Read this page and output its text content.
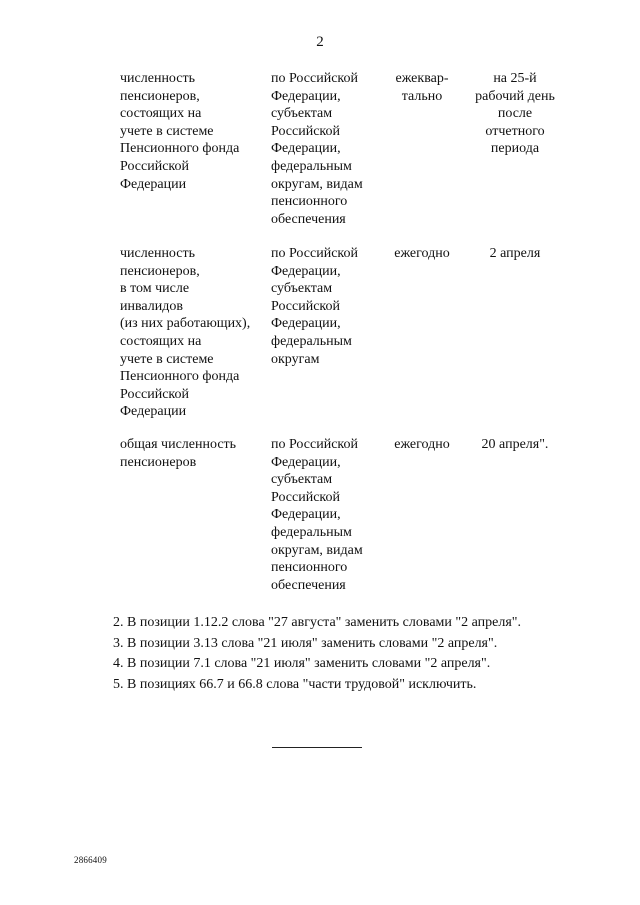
2
численность
пенсионеров,
состоящих на
учете в системе
Пенсионного фонда
Российской
Федерации
по Российской
Федерации,
субъектам
Российской
Федерации,
федеральным
округам, видам
пенсионного
обеспечения
ежеквар-
тально
на 25-й
рабочий день
после
отчетного
периода
численность
пенсионеров,
в том числе
инвалидов
(из них работающих),
состоящих на
учете в системе
Пенсионного фонда
Российской
Федерации
по Российской
Федерации,
субъектам
Российской
Федерации,
федеральным
округам
ежегодно	2 апреля
общая численность
пенсионеров
по Российской
Федерации,
субъектам
Российской
Федерации,
федеральным
округам, видам
пенсионного
обеспечения
ежегодно	20 апреля".
2. В позиции 1.12.2 слова "27 августа" заменить словами "2 апреля".
3. В позиции 3.13 слова "21 июля" заменить словами "2 апреля".
4. В позиции 7.1 слова "21 июля" заменить словами "2 апреля".
5. В позициях 66.7 и 66.8 слова "части трудовой" исключить.
2866409
